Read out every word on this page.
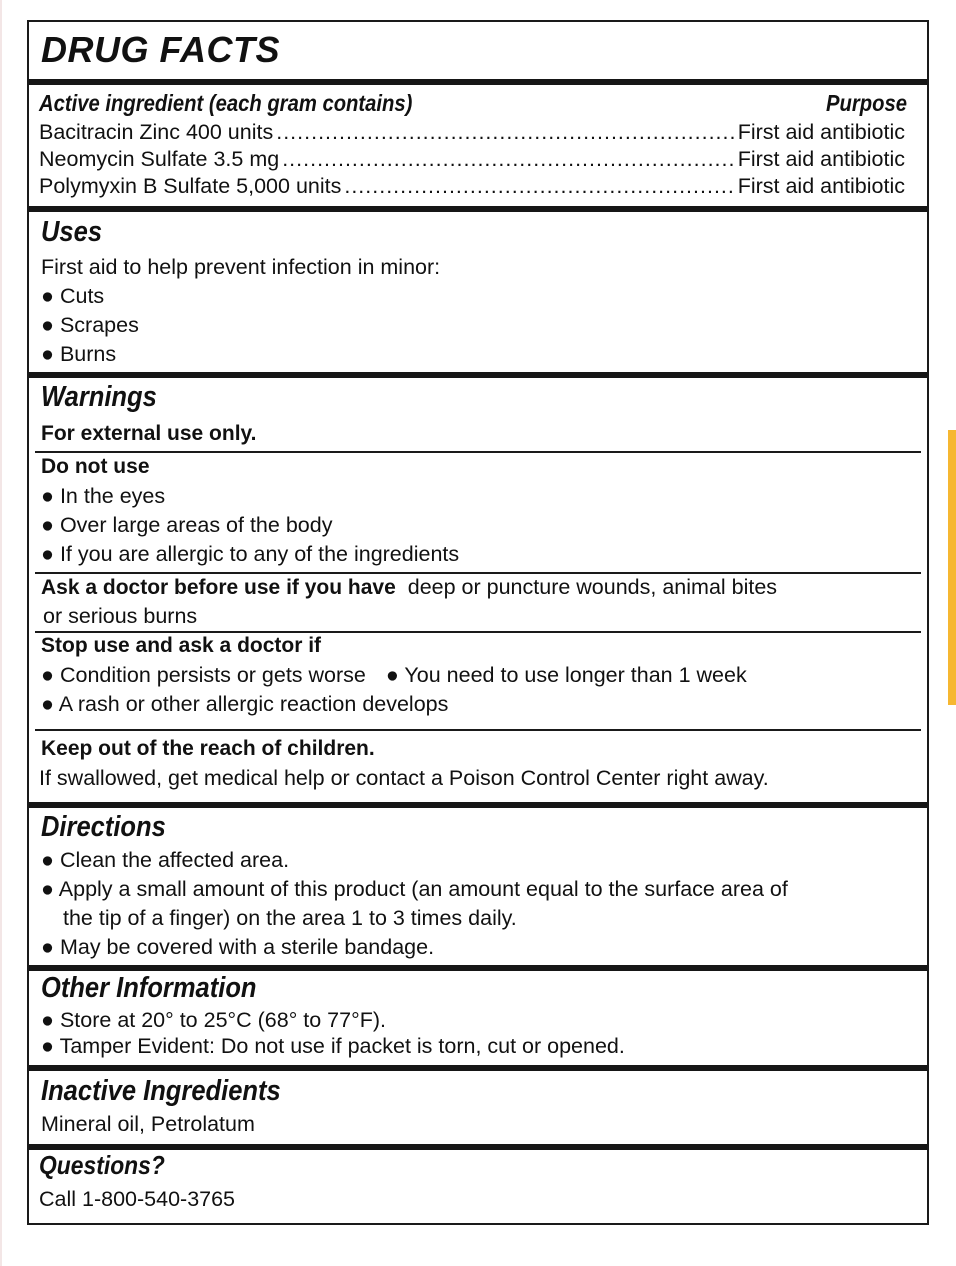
DRUG FACTS
Active ingredient (each gram contains)	Purpose
Bacitracin Zinc 400 units .....	First aid antibiotic
Neomycin Sulfate 3.5 mg .....	First aid antibiotic
Polymyxin B Sulfate 5,000 units .....	First aid antibiotic
Uses
First aid to help prevent infection in minor:
● Cuts
● Scrapes
● Burns
Warnings
For external use only.
Do not use
● In the eyes
● Over large areas of the body
● If you are allergic to any of the ingredients
Ask a doctor before use if you have deep or puncture wounds, animal bites
or serious burns
Stop use and ask a doctor if
● Condition persists or gets worse ● You need to use longer than 1 week
● A rash or other allergic reaction develops
Keep out of the reach of children.
If swallowed, get medical help or contact a Poison Control Center right away.
Directions
● Clean the affected area.
● Apply a small amount of this product (an amount equal to the surface area of
the tip of a finger) on the area 1 to 3 times daily.
● May be covered with a sterile bandage.
Other Information
● Store at 20° to 25°C (68° to 77°F).
● Tamper Evident: Do not use if packet is torn, cut or opened.
Inactive Ingredients
Mineral oil, Petrolatum
Questions?
Call 1-800-540-3765
